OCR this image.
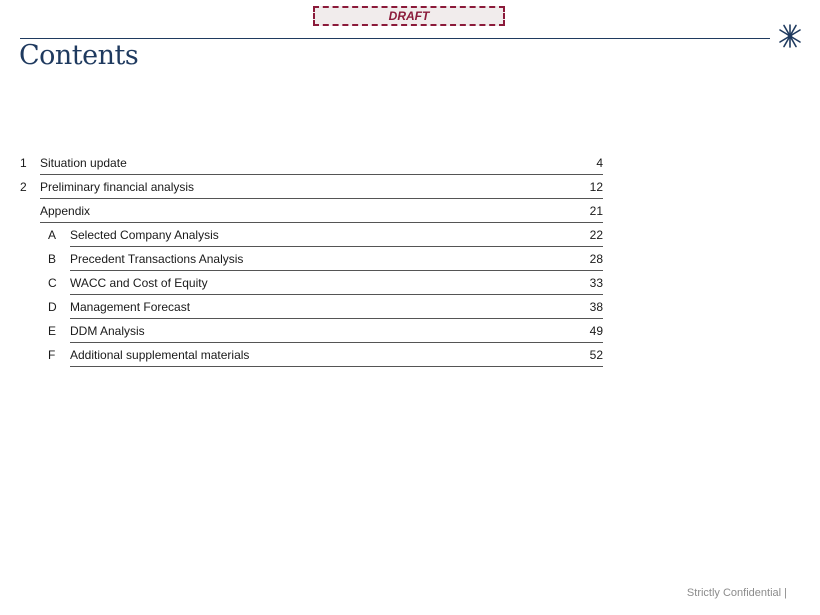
DRAFT
Contents
1 Situation update	4
2 Preliminary financial analysis	12
Appendix	21
A Selected Company Analysis	22
B Precedent Transactions Analysis	28
C WACC and Cost of Equity	33
D Management Forecast	38
E DDM Analysis	49
F Additional supplemental materials	52
Strictly Confidential |
